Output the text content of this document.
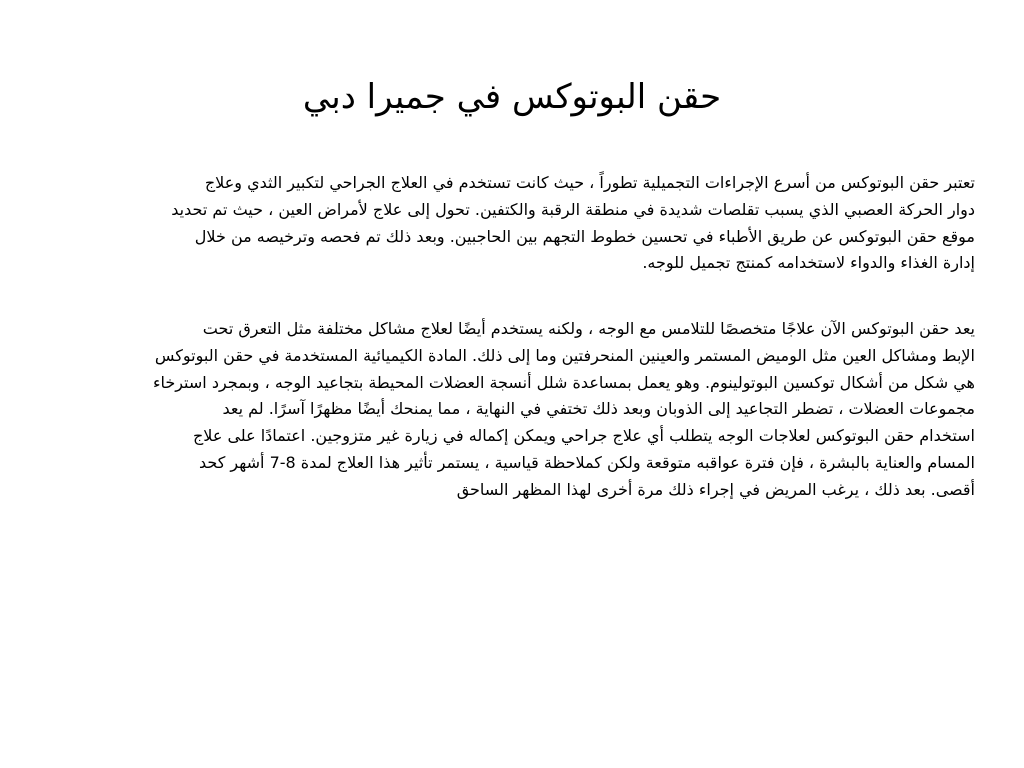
حقن البوتوكس في جميرا دبي
تعتبر حقن البوتوكس من أسرع الإجراءات التجميلية تطوراً ، حيث كانت تستخدم في العلاج الجراحي لتكبير الثدي وعلاج
دوار الحركة العصبي الذي يسبب تقلصات شديدة في منطقة الرقبة والكتفين. تحول إلى علاج لأمراض العين ، حيث تم تحديد
موقع حقن البوتوكس عن طريق الأطباء في تحسين خطوط التجهم بين الحاجبين. وبعد ذلك تم فحصه وترخيصه من خلال
إدارة الغذاء والدواء لاستخدامه كمنتج تجميل للوجه.
يعد حقن البوتوكس الآن علاجًا متخصصًا للتلامس مع الوجه ، ولكنه يستخدم أيضًا لعلاج مشاكل مختلفة مثل التعرق تحت
الإبط ومشاكل العين مثل الوميض المستمر والعينين المنحرفتين وما إلى ذلك. المادة الكيميائية المستخدمة في حقن البوتوكس
هي شكل من أشكال توكسين البوتولينوم. وهو يعمل بمساعدة شلل أنسجة العضلات المحيطة بتجاعيد الوجه ، وبمجرد استرخاء
مجموعات العضلات ، تضطر التجاعيد إلى الذوبان وبعد ذلك تختفي في النهاية ، مما يمنحك أيضًا مظهرًا آسرًا. لم يعد
استخدام حقن البوتوكس لعلاجات الوجه يتطلب أي علاج جراحي ويمكن إكماله في زيارة غير متزوجين. اعتمادًا على علاج
المسام والعناية بالبشرة ، فإن فترة عواقبه متوقعة ولكن كملاحظة قياسية ، يستمر تأثير هذا العلاج لمدة 8-7 أشهر كحد
أقصى. بعد ذلك ، يرغب المريض في إجراء ذلك مرة أخرى لهذا المظهر الساحق
